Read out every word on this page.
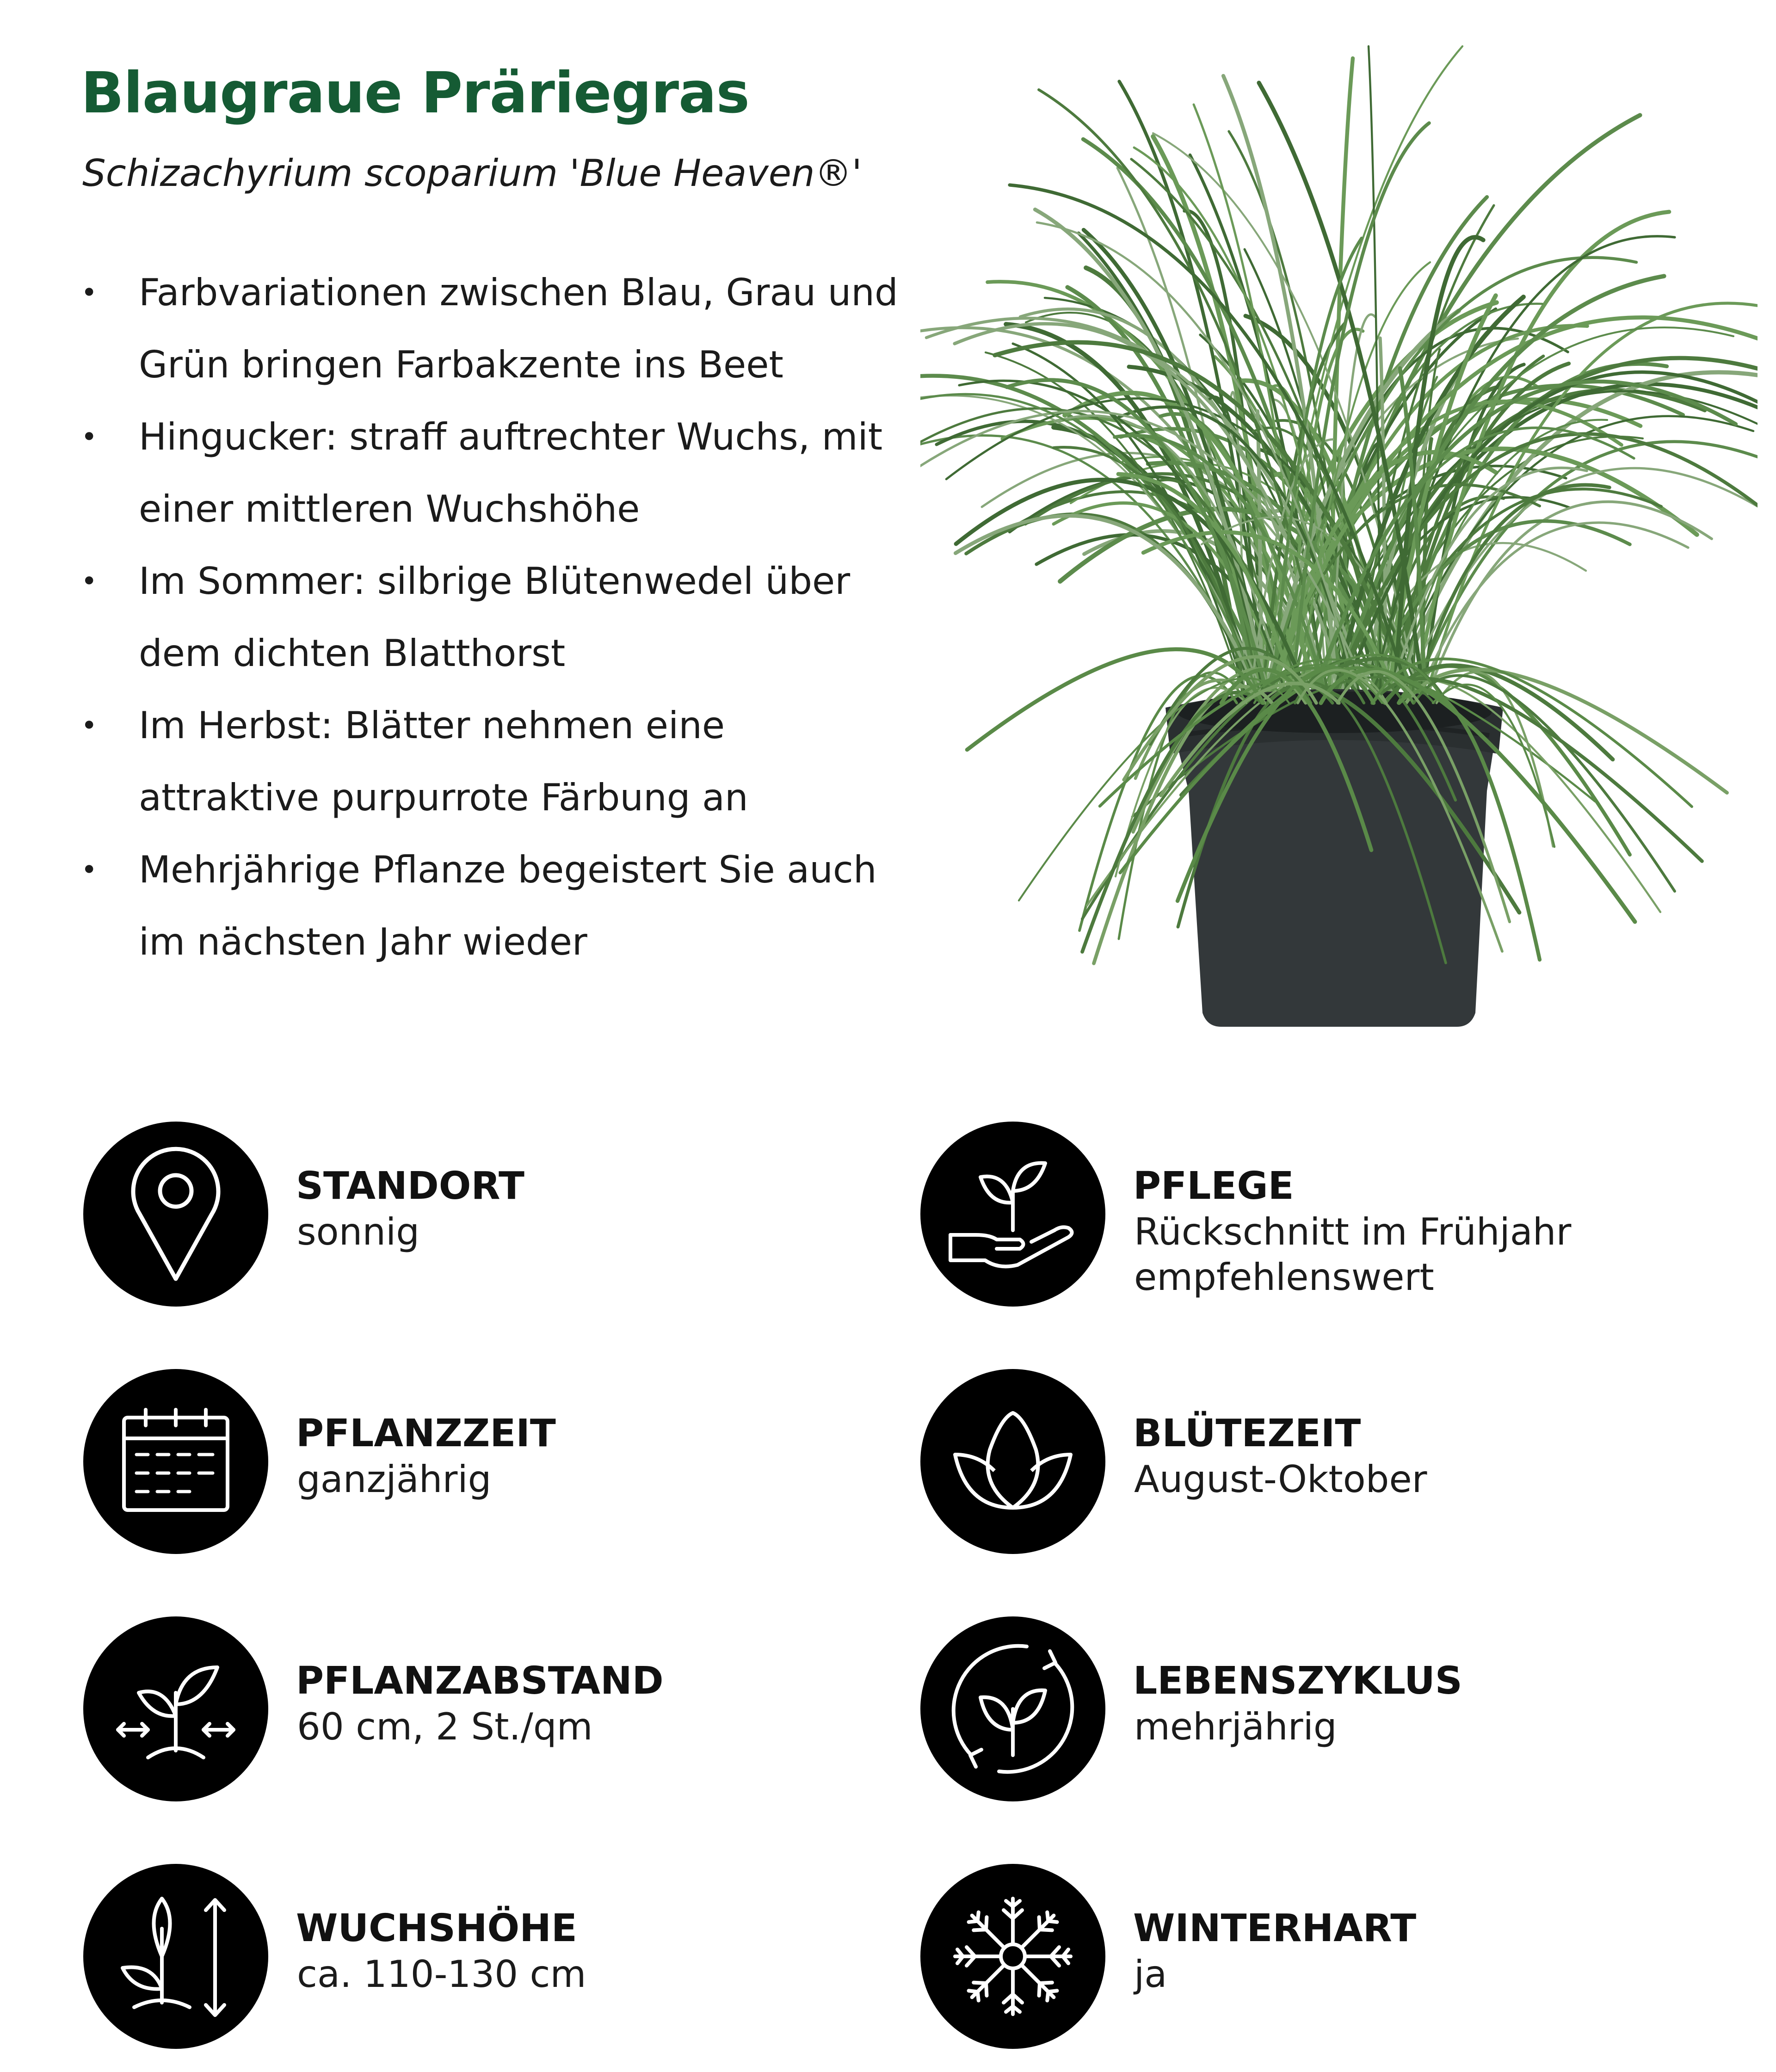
Blaugraue Präriegras
Schizachyrium scoparium 'Blue Heaven®'
• Farbvariationen zwischen Blau, Grau und Grün bringen Farbakzente ins Beet
• Hingucker: straff auftrechter Wuchs, mit einer mittleren Wuchshöhe
• Im Sommer: silbrige Blütenwedel über dem dichten Blatthorst
• Im Herbst: Blätter nehmen eine attraktive purpurrote Färbung an
• Mehrjährige Pflanze begeistert Sie auch im nächsten Jahr wieder
STANDORT
sonnig
PFLEGE
Rückschnitt im Frühjahr empfehlenswert
PFLANZZEIT
ganzjährig
BLÜTEZEIT
August-Oktober
PFLANZABSTAND
60 cm, 2 St./qm
LEBENSZYKLUS
mehrjährig
WUCHSHÖHE
ca. 110-130 cm
WINTERHART
ja
